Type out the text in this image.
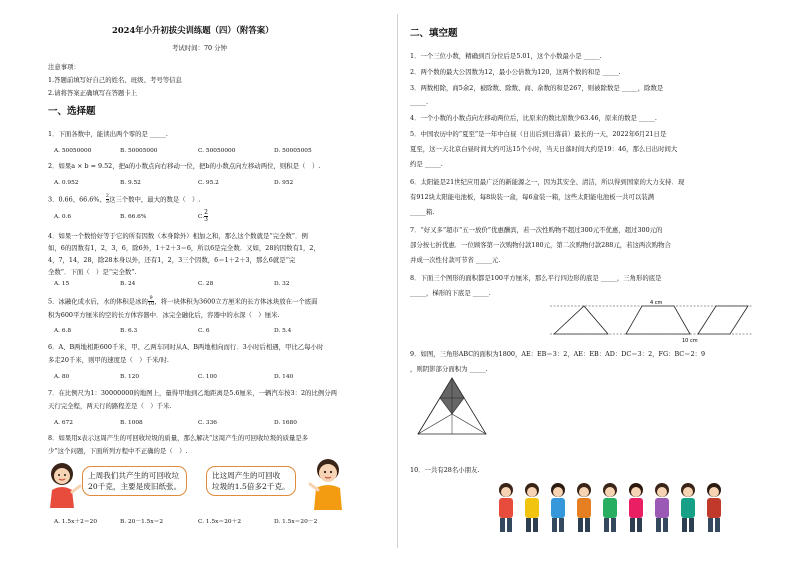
2024年小升初拔尖训练题（四）（附答案）
考试时间：70 分钟
注意事项：
1.答题前填写好自己的姓名、班级、考号等信息
2.请将答案正确填写在答题卡上
一、选择题
1．下面各数中，能读出两个零的是 _____.
A. 50050000	B. 50005000	C. 50050000	D. 50005005
2．如果a × b = 9.52，把a的小数点向右移动一位，把b的小数点向左移动两位，则积是（　）.
A. 0.952	B. 9.52	C. 95.2	D. 952
3．0.66、66.6%、 $\frac{2}{3}$ 这三个数中，最大的数是（　）.
A. 0.6	B. 66.6%	C. $\frac{2}{3}$
4．如果一个数恰好等于它的所有因数（本身除外）相加之和，那么这个数就是“完全数”．例
如，6的因数有1，2，3，6，除6外，1＋2＋3＝6，所以6是完全数．又如，28的因数有1，2，
4，7，14，28，除28本身以外，还有1，2，3三个因数，6＝1＋2＋3，那么6就是“完
全数”．下面（　）是“完全数”.
A. 15	B. 24	C. 28	D. 32
5．冰融化成水后，水的体积是冰的 $\frac{9}{10}$ ，将一块体积为3600立方厘米的长方体冰块放在一个底面
积为600平方厘米的空的长方体容器中．冰完全融化后，容器中的水深（　）厘米.
A. 6.8	B. 6.3	C. 6	D. 5.4
6．A、B两地相距600千米，甲、乙两车同时从A、B两地相向而行．3小时后相遇，甲比乙每小时
多走20千米，则甲的速度是（　）千米/时.
A. 80	B. 120	C. 100	D. 140
7．在比例尺为1：30000000的地图上，量得甲地到乙地距离是5.6厘米，一辆汽车按3：2的比例分两
天行完全程，两天行的路程差是（　）千米.
A. 672	B. 1008	C. 336	D. 1680
8．如果用x表示这周产生的可回收垃圾的质量，那么解决“这周产生的可回收垃圾的质量是多
少”这个问题，下面所列方程中不正确的是（　）.
上周我们共产生的可回收垃
20千克，主要是废旧纸张。
比这周产生的可回收
垃圾的1.5倍多2千克。
A. 1.5x＋2＝20	B. 20－1.5x＝2	C. 1.5x＝20＋2	D. 1.5x＝20－2
二、填空题
1．一个三位小数，精确到百分位后是5.01，这个小数最小是 _____.
2．两个数的最大公因数为12，最小公倍数为120，这两个数的和是 _____.
3．两数相除，商5余2，被除数、除数、商、余数的和是267，则被除数是 _____，除数是
_____.
4．一个小数的小数点向左移动两位后，比原来的数比原数少63.46，原来的数是 _____.
5．中国农历中的“夏至”是一年中白昼（日出后到日落前）最长的一天，2022年6月21日是
夏至，这一天北京白昼时间大约可达15个小时，当天日落时间大约是19：46，那么日出时间大
约是 _____.
6．太阳能是21世纪应用最广泛的新能源之一，因为其安全、清洁，所以得到国家的大力支持．现
有912块太阳能电池板，每8块装一盒，每6盒装一箱，这些太阳能电池板一共可以装满
_____箱.
7．“好又多”超市“五一放价”优惠酬宾，若一次性购物不超过300元不优惠，超过300元的
部分按七折优惠．一位顾客第一次购物付款180元，第二次购物付款288元，若这两次购物合
并成一次性付款可节省 _____元.
8．下面三个图形的面积都是100平方厘米，那么平行四边形的底是 _____，三角形的底是
_____，梯形的下底是 _____.
4 cm
10 cm
9．如图，三角形ABC的面积为1800，AE：EB＝3：2，AE：EB：AD：DC＝3：2，FG：BC＝2：9
，则阴影部分面积为 _____.
10．一共有28名小朋友.
